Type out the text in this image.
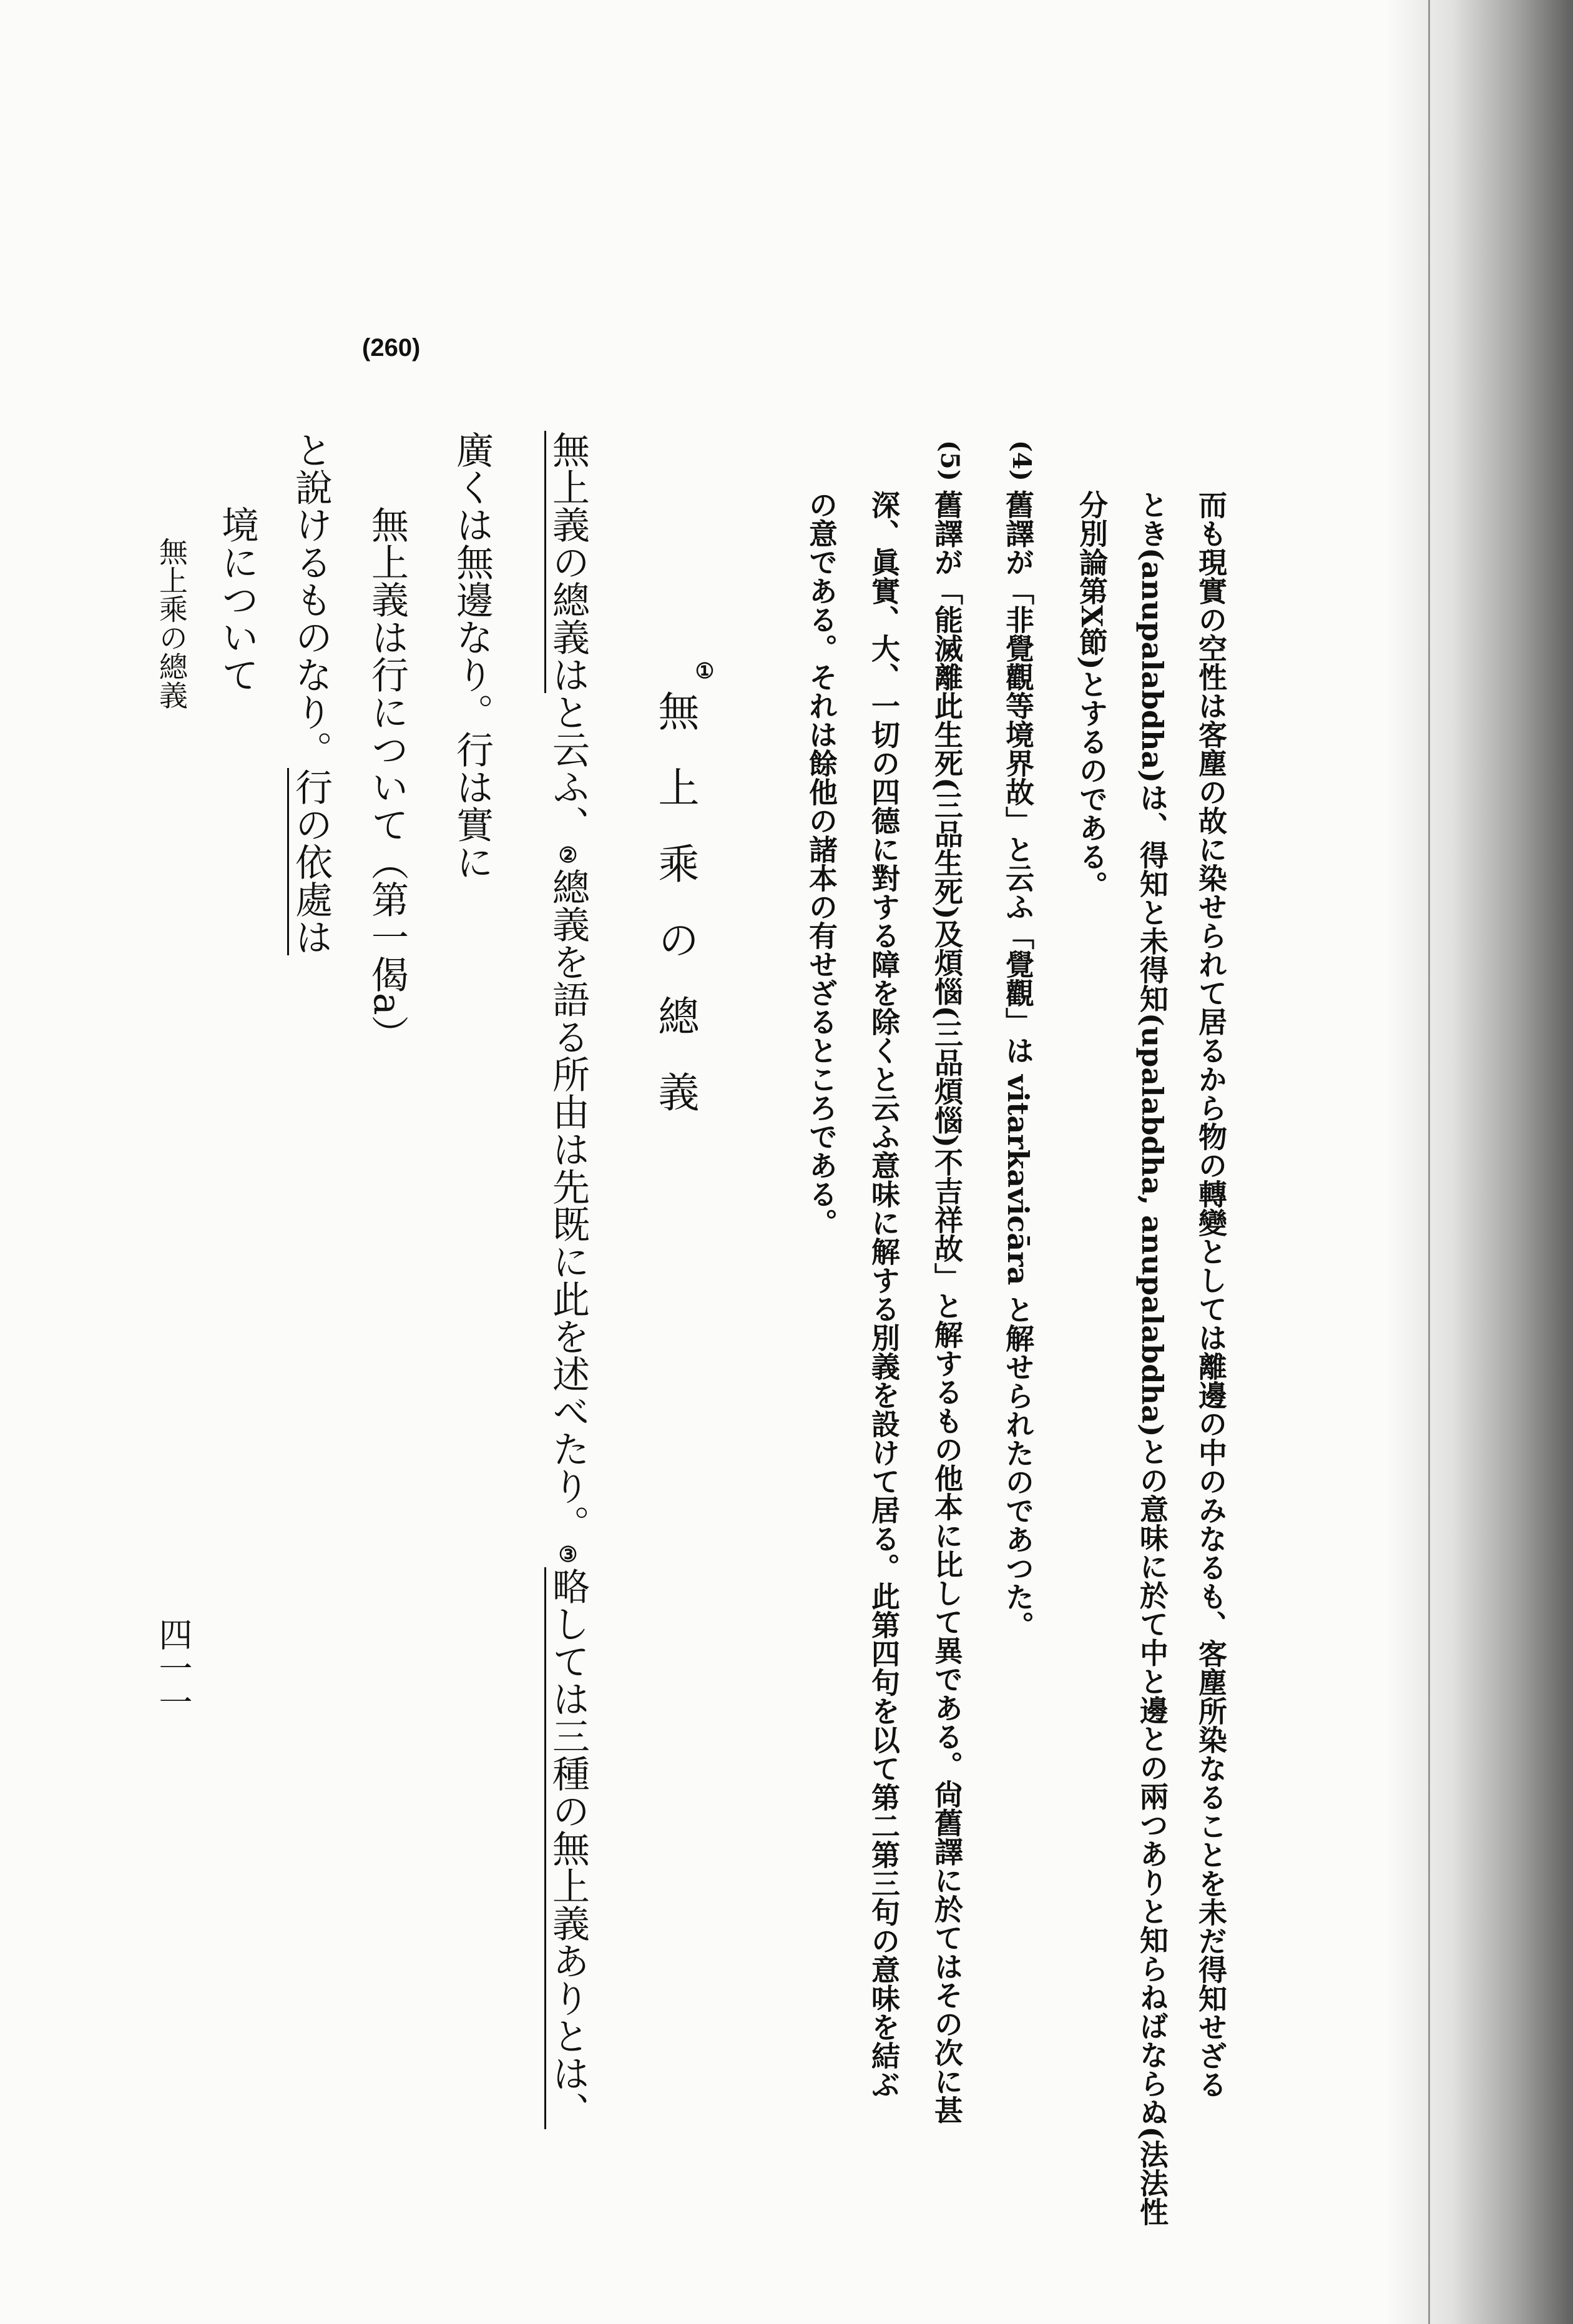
(260)
而も現實の空性は客塵の故に染せられて居るから物の轉變としては離邊の中のみなるも、客塵所染なることを未だ得知せざる
とき(anupalabdha)は、得知と未得知(upalabdha, anupalabdha)との意味に於て中と邊との兩つありと知らねばならぬ(法法性
分別論第X節)とするのである。
(4)
舊譯が「非覺觀等境界故」と云ふ「覺觀」は vitarkavicāra と解せられたのであつた。
(5)
舊譯が「能滅離此生死(三品生死)及煩惱(三品煩惱)不吉祥故」と解するもの他本に比して異である。尙舊譯に於てはその次に甚
深、眞實、大、一切の四德に對する障を除くと云ふ意味に解する別義を設けて居る。此第四句を以て第二第三句の意味を結ぶ
の意である。それは餘他の諸本の有せざるところである。
①
無上乘の總義
無上義の總義はと云ふ、②總義を語る所由は先既に此を述べたり。③略しては三種の無上義ありとは、
廣くは無邊なり。行は實に
無上義は行について（第一偈a）
と說けるものなり。行の依處は
境について
無上乘の總義
四一一
